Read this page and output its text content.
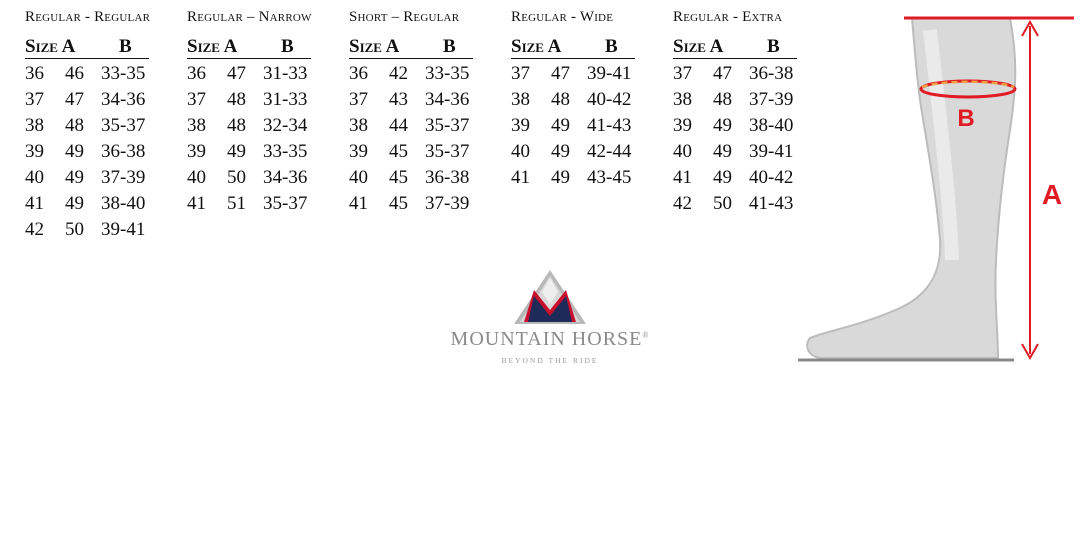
Regular - Regular
Size A B
36 46 33-35
37 47 34-36
38 48 35-37
39 49 36-38
40 49 37-39
41 49 38-40
42 50 39-41
Regular – Narrow
Size A B
36 47 31-33
37 48 31-33
38 48 32-34
39 49 33-35
40 50 34-36
41 51 35-37
Short – Regular
Size A B
36 42 33-35
37 43 34-36
38 44 35-37
39 45 35-37
40 45 36-38
41 45 37-39
Regular - Wide
Size A B
37 47 39-41
38 48 40-42
39 49 41-43
40 49 42-44
41 49 43-45
Regular - Extra
Size A B
37 47 36-38
38 48 37-39
39 49 38-40
40 49 39-41
41 49 40-42
42 50 41-43
MOUNTAIN HORSE®
BEYOND THE RIDE
B
A
